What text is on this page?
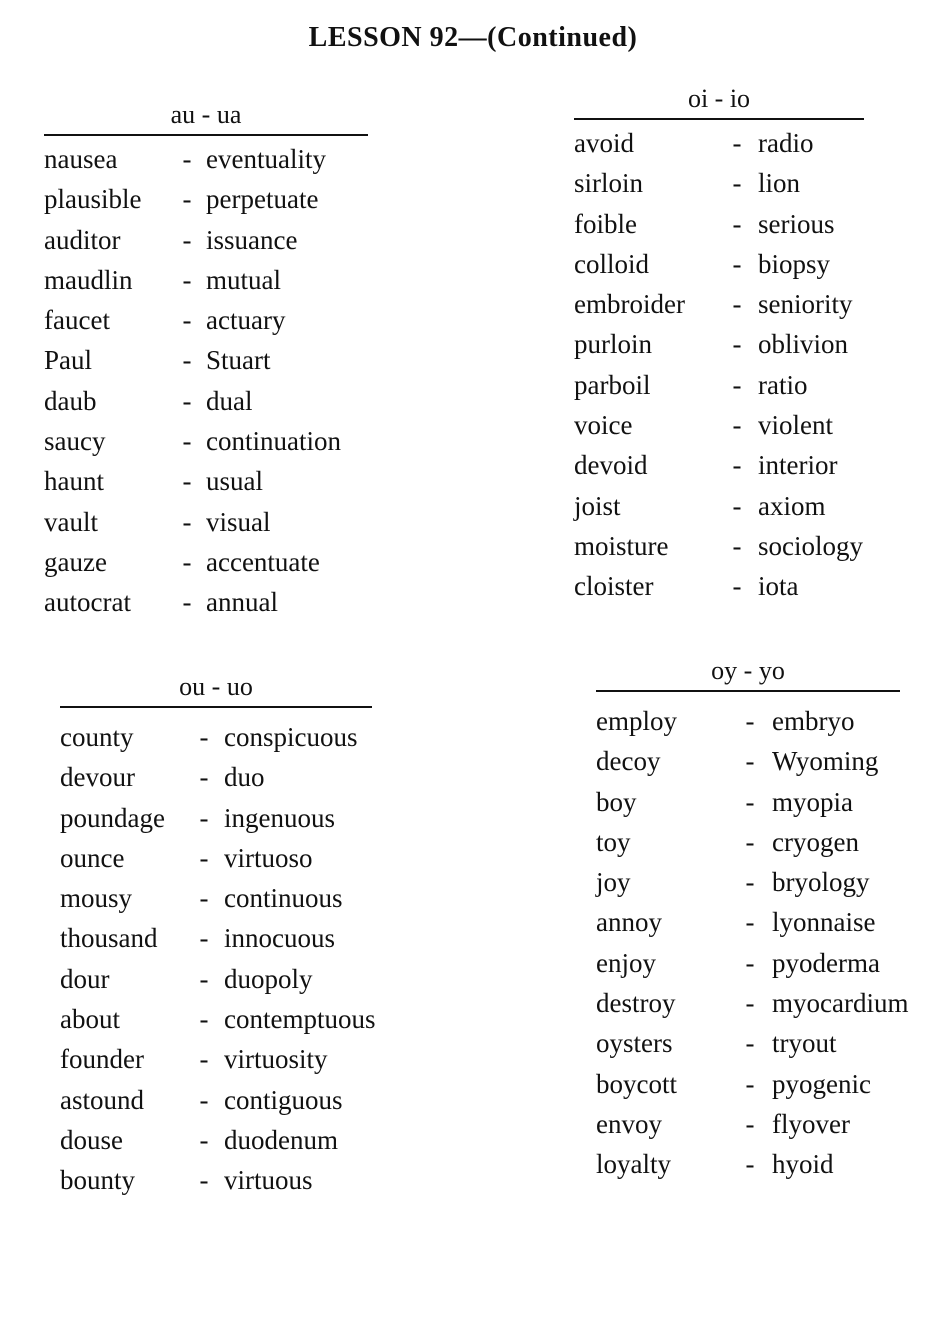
LESSON 92—(Continued)
au - ua
nausea	- eventuality
plausible	- perpetuate
auditor	- issuance
maudlin	- mutual
faucet	- actuary
Paul	- Stuart
daub	- dual
saucy	- continuation
haunt	- usual
vault	- visual
gauze	- accentuate
autocrat	- annual
oi - io
avoid	- radio
sirloin	- lion
foible	- serious
colloid	- biopsy
embroider	- seniority
purloin	- oblivion
parboil	- ratio
voice	- violent
devoid	- interior
joist	- axiom
moisture	- sociology
cloister	- iota
ou - uo
county	- conspicuous
devour	- duo
poundage	- ingenuous
ounce	- virtuoso
mousy	- continuous
thousand	- innocuous
dour	- duopoly
about	- contemptuous
founder	- virtuosity
astound	- contiguous
douse	- duodenum
bounty	- virtuous
oy - yo
employ	- embryo
decoy	- Wyoming
boy	- myopia
toy	- cryogen
joy	- bryology
annoy	- lyonnaise
enjoy	- pyoderma
destroy	- myocardium
oysters	- tryout
boycott	- pyogenic
envoy	- flyover
loyalty	- hyoid
